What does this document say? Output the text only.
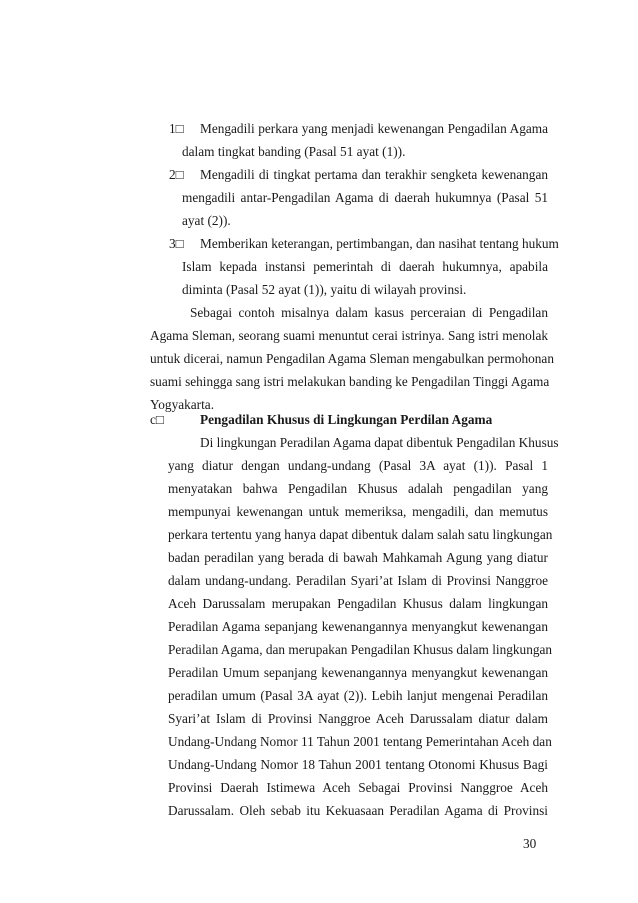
1□ Mengadili perkara yang menjadi kewenangan Pengadilan Agama
dalam tingkat banding (Pasal 51 ayat (1)).
2□ Mengadili di tingkat pertama dan terakhir sengketa kewenangan
mengadili antar-Pengadilan Agama di daerah hukumnya (Pasal 51
ayat (2)).
3□ Memberikan keterangan, pertimbangan, dan nasihat tentang hukum
Islam kepada instansi pemerintah di daerah hukumnya, apabila
diminta (Pasal 52 ayat (1)), yaitu di wilayah provinsi.
Sebagai contoh misalnya dalam kasus perceraian di Pengadilan
Agama Sleman, seorang suami menuntut cerai istrinya. Sang istri menolak
untuk dicerai, namun Pengadilan Agama Sleman mengabulkan permohonan
suami sehingga sang istri melakukan banding ke Pengadilan Tinggi Agama
Yogyakarta.
c□	Pengadilan Khusus di Lingkungan Perdilan Agama
Di lingkungan Peradilan Agama dapat dibentuk Pengadilan Khusus
yang diatur dengan undang-undang (Pasal 3A ayat (1)). Pasal 1
menyatakan bahwa Pengadilan Khusus adalah pengadilan yang
mempunyai kewenangan untuk memeriksa, mengadili, dan memutus
perkara tertentu yang hanya dapat dibentuk dalam salah satu lingkungan
badan peradilan yang berada di bawah Mahkamah Agung yang diatur
dalam undang-undang. Peradilan Syari’at Islam di Provinsi Nanggroe
Aceh Darussalam merupakan Pengadilan Khusus dalam lingkungan
Peradilan Agama sepanjang kewenangannya menyangkut kewenangan
Peradilan Agama, dan merupakan Pengadilan Khusus dalam lingkungan
Peradilan Umum sepanjang kewenangannya menyangkut kewenangan
peradilan umum (Pasal 3A ayat (2)). Lebih lanjut mengenai Peradilan
Syari’at Islam di Provinsi Nanggroe Aceh Darussalam diatur dalam
Undang-Undang Nomor 11 Tahun 2001 tentang Pemerintahan Aceh dan
Undang-Undang Nomor 18 Tahun 2001 tentang Otonomi Khusus Bagi
Provinsi Daerah Istimewa Aceh Sebagai Provinsi Nanggroe Aceh
Darussalam. Oleh sebab itu Kekuasaan Peradilan Agama di Provinsi
30
